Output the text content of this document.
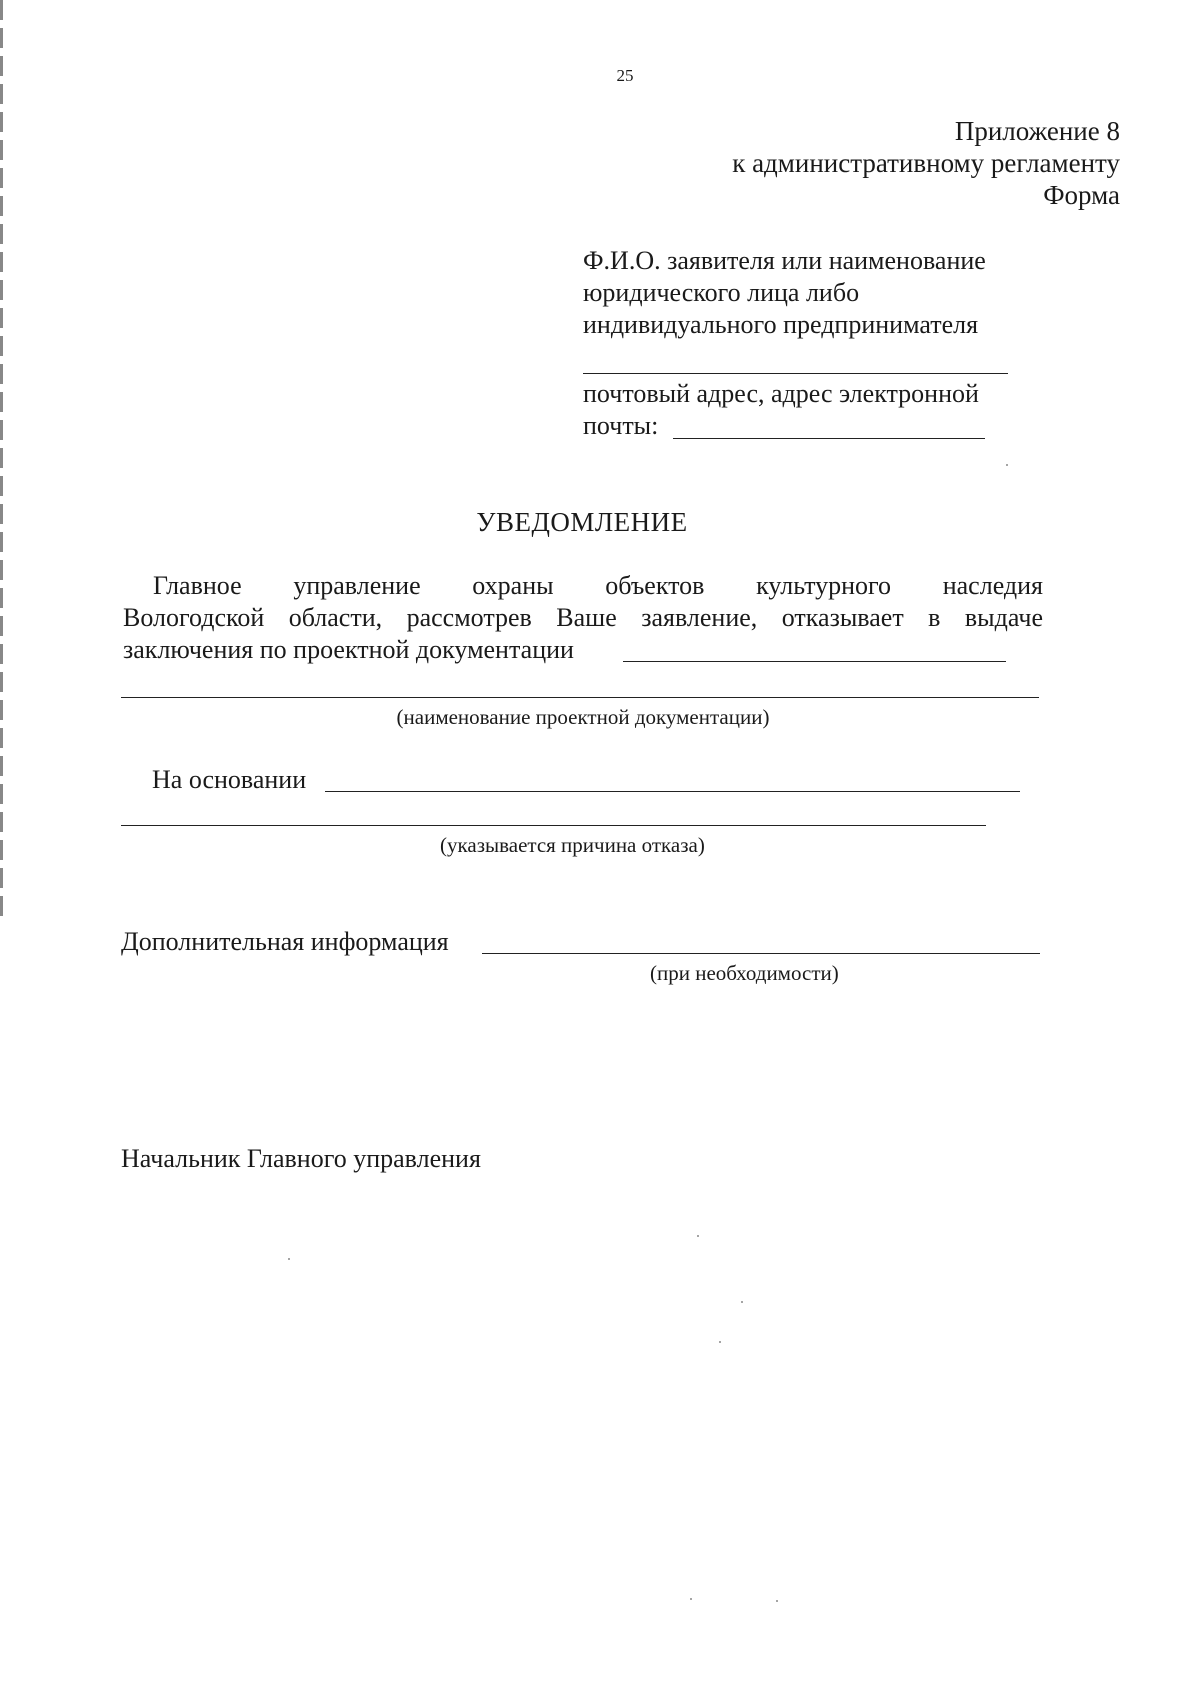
25
Приложение 8
к административному регламенту
Форма
Ф.И.О. заявителя или наименование
юридического лица либо
индивидуального предпринимателя
почтовый адрес, адрес электронной
почты:
УВЕДОМЛЕНИЕ
Главное управление охраны объектов культурного наследия
Вологодской области, рассмотрев Ваше заявление, отказывает в выдаче
заключения по проектной документации
(наименование проектной документации)
На основании
(указывается причина отказа)
Дополнительная информация
(при необходимости)
Начальник Главного управления
